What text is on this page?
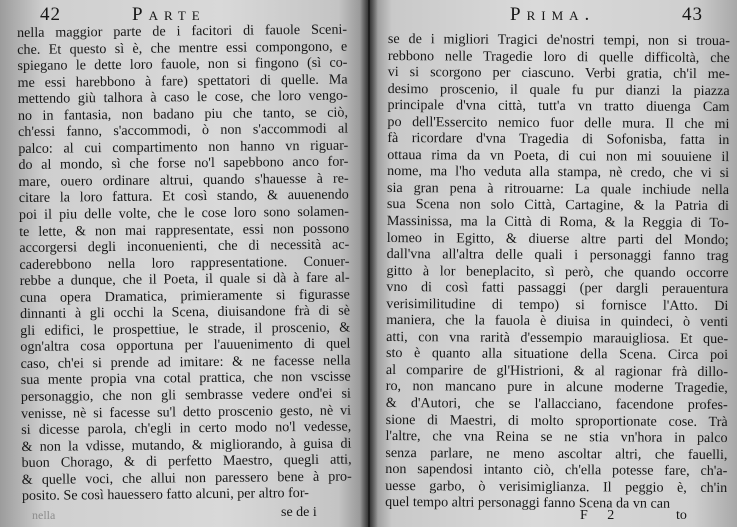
42	Parte
nella maggior parte de i facitori di fauole Sceni-
che. Et questo sì è, che mentre essi compongono, e
spiegano le dette loro fauole, non si fingono (sì co-
me essi harebbono à fare) spettatori di quelle. Ma
mettendo giù talhora à caso le cose, che loro vengo-
no in fantasia, non badano piu che tanto, se ciò,
ch'essi fanno, s'accommodi, ò non s'accommodi al
palco: al cui compartimento non hanno vn riguar-
do al mondo, sì che forse no'l sapebbono anco for-
mare, ouero ordinare altrui, quando s'hauesse à re-
citare la loro fattura. Et così stando, & auuenendo
poi il piu delle volte, che le cose loro sono solamen-
te lette, & non mai rappresentate, essi non possono
accorgersi degli inconuenienti, che di necessità ac-
caderebbono nella loro rappresentatione. Conuer-
rebbe a dunque, che il Poeta, il quale si dà à fare al-
cuna opera Dramatica, primieramente si figurasse
dinnanti à gli occhi la Scena, diuisandone frà di sè
gli edifici, le prospettiue, le strade, il proscenio, &
ogn'altra cosa opportuna per l'auuenimento di quel
caso, ch'ei si prende ad imitare: & ne facesse nella
sua mente propia vna cotal prattica, che non vscisse
personaggio, che non gli sembrasse vedere ond'ei si
venisse, nè si facesse su'l detto proscenio gesto, nè vi
si dicesse parola, ch'egli in certo modo no'l vedesse,
& non la vdisse, mutando, & migliorando, à guisa di
buon Chorago, & di perfetto Maestro, quegli atti,
& quelle voci, che allui non paressero bene à pro-
posito. Se così hauessero fatto alcuni, per altro for-
nella	se de i
Prima.	43
se de i migliori Tragici de'nostri tempi, non si troua-
rebbono nelle Tragedie loro di quelle difficoltà, che
vi si scorgono per ciascuno. Verbi gratia, ch'il me-
desimo proscenio, il quale fu pur dianzi la piazza
principale d'vna città, tutt'a vn tratto diuenga Cam
po dell'Essercito nemico fuor delle mura. Il che mi
fà ricordare d'vna Tragedia di Sofonisba, fatta in
ottaua rima da vn Poeta, di cui non mi souuiene il
nome, ma l'ho veduta alla stampa, nè credo, che vi si
sia gran pena à ritrouarne: La quale inchiude nella
sua Scena non solo Città, Cartagine, & la Patria di
Massinissa, ma la Città di Roma, & la Reggia di To-
lomeo in Egitto, & diuerse altre parti del Mondo;
dall'vna all'altra delle quali i personaggi fanno trag
gitto à lor beneplacito, sì però, che quando occorre
vno di così fatti passaggi (per dargli perauentura
verisimilitudine di tempo) si fornisce l'Atto. Di
maniera, che la fauola è diuisa in quindeci, ò venti
atti, con vna rarità d'essempio marauigliosa. Et que-
sto è quanto alla situatione della Scena. Circa poi
al comparire de gl'Histrioni, & al ragionar frà dillo-
ro, non mancano pure in alcune moderne Tragedie,
& d'Autori, che se l'allacciano, facendone profes-
sione di Maestri, di molto sproportionate cose. Trà
l'altre, che vna Reina se ne stia vn'hora in palco
senza parlare, ne meno ascoltar altri, che fauelli,
non sapendosi intanto ciò, ch'ella potesse fare, ch'a-
uesse garbo, ò verisimiglianza. Il peggio è, ch'in
quel tempo altri personaggi fanno Scena da vn can
F 2	to
